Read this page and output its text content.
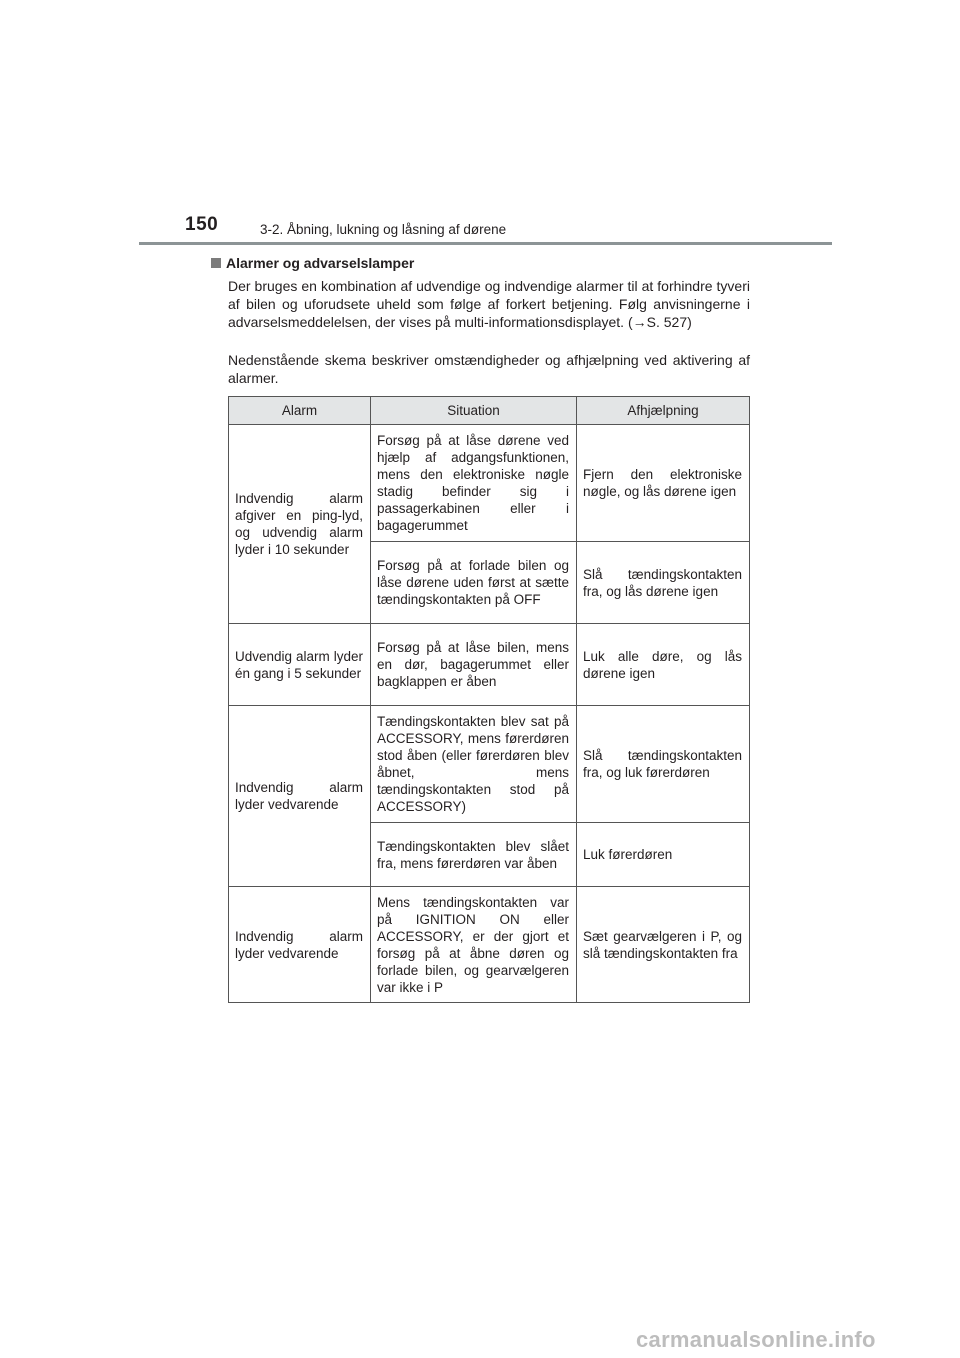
150	3-2. Åbning, lukning og låsning af dørene
Alarmer og advarselslamper
Der bruges en kombination af udvendige og indvendige alarmer til at forhindre tyveri af bilen og uforudsete uheld som følge af forkert betjening. Følg anvisningerne i advarselsmeddelelsen, der vises på multi-informationsdisplayet. (→S. 527)
Nedenstående skema beskriver omstændigheder og afhjælpning ved aktivering af alarmer.
Alarm	Situation	Afhjælpning
Indvendig alarm afgiver en ping-lyd, og udvendig alarm lyder i 10 sekunder	Forsøg på at låse dørene ved hjælp af adgangsfunktionen, mens den elektroniske nøgle stadig befinder sig i passagerkabinen eller i bagagerummet	Fjern den elektroniske nøgle, og lås dørene igen
	Forsøg på at forlade bilen og låse dørene uden først at sætte tændingskontakten på OFF	Slå tændingskontakten fra, og lås dørene igen
Udvendig alarm lyder én gang i 5 sekunder	Forsøg på at låse bilen, mens en dør, bagagerummet eller bagklappen er åben	Luk alle døre, og lås dørene igen
Indvendig alarm lyder vedvarende	Tændingskontakten blev sat på ACCESSORY, mens førerdøren stod åben (eller førerdøren blev åbnet, mens tændingskontakten stod på ACCESSORY)	Slå tændingskontakten fra, og luk førerdøren
	Tændingskontakten blev slået fra, mens førerdøren var åben	Luk førerdøren
Indvendig alarm lyder vedvarende	Mens tændingskontakten var på IGNITION ON eller ACCESSORY, er der gjort et forsøg på at åbne døren og forlade bilen, og gearvælgeren var ikke i P	Sæt gearvælgeren i P, og slå tændingskontakten fra
carmanualsonline.info
